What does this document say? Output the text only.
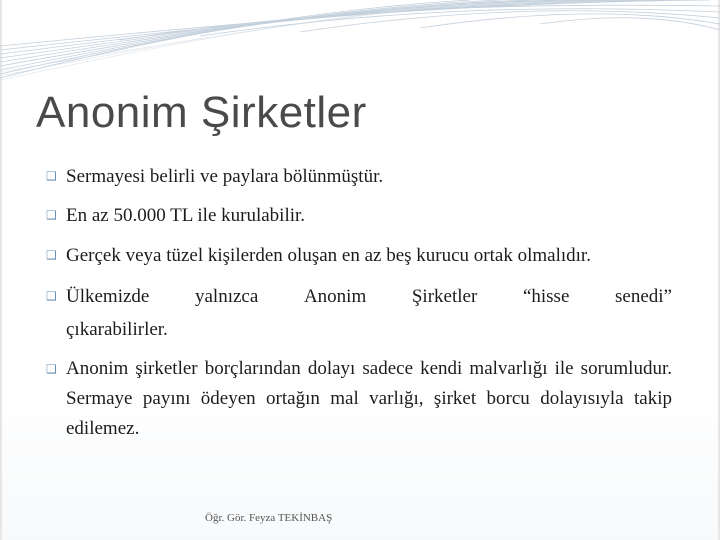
Anonim Şirketler
❑ Sermayesi belirli ve paylara bölünmüştür.
❑ En az 50.000 TL ile kurulabilir.
❑ Gerçek veya tüzel kişilerden oluşan en az beş kurucu ortak olmalıdır.
❑ Ülkemizde yalnızca Anonim Şirketler “hisse senedi”
çıkarabilirler.
❑ Anonim şirketler borçlarından dolayı sadece kendi malvarlığı ile sorumludur. Sermaye payını ödeyen ortağın mal varlığı, şirket borcu dolayısıyla takip edilemez.
Öğr. Gör. Feyza TEKİNBAŞ
